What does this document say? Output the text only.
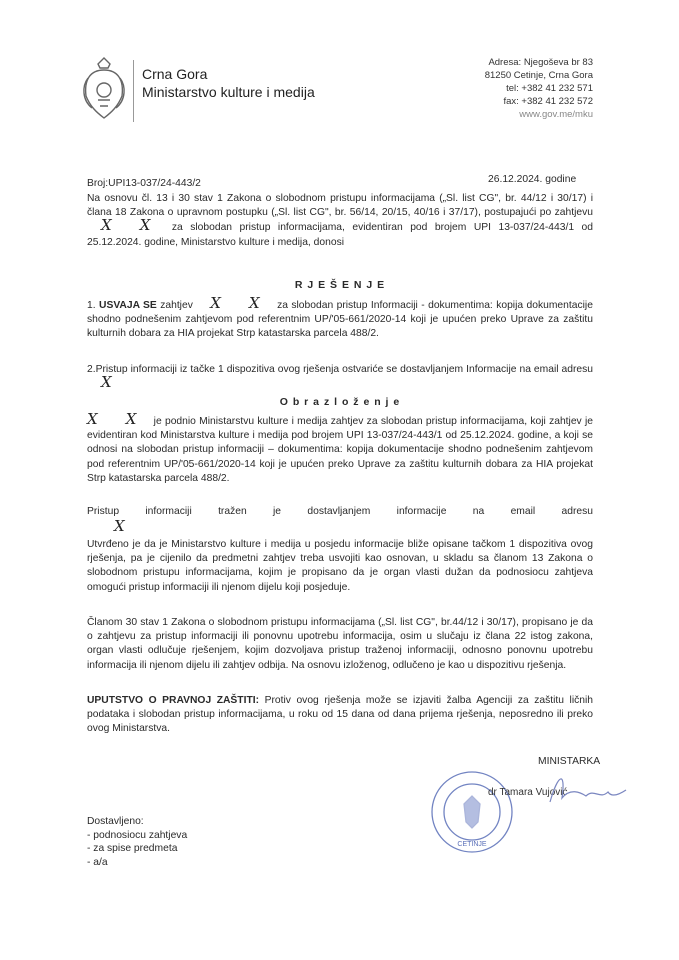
Crna Gora
Ministarstvo kulture i medija
Adresa: Njegoševa br 83
81250 Cetinje, Crna Gora
tel: +382 41 232 571
fax: +382 41 232 572
www.gov.me/mku
Broj:UPI13-037/24-443/2	26.12.2024. godine
Na osnovu čl. 13 i 30 stav 1 Zakona o slobodnom pristupu informacijama („Sl. list CG", br. 44/12 i 30/17) i člana 18 Zakona o upravnom postupku („Sl. list CG", br. 56/14, 20/15, 40/16 i 37/17), postupajući po zahtjevu X X za slobodan pristup informacijama, evidentiran pod brojem UPI 13-037/24-443/1 od 25.12.2024. godine, Ministarstvo kulture i medija, donosi
R J E Š E N J E
1. USVAJA SE zahtjev X X za slobodan pristup Informaciji - dokumentima: kopija dokumentacije shodno podnešenim zahtjevom pod referentnim UP/'05-661/2020-14 koji je upućen preko Uprave za zaštitu kulturnih dobara za HIA projekat Strp katastarska parcela 488/2.
2.Pristup informaciji iz tačke 1 dispozitiva ovog rješenja ostvariće se dostavljanjem Informacije na email adresu X
O b r a z l o ž e n j e
X X je podnio Ministarstvu kulture i medija zahtjev za slobodan pristup informacijama, koji zahtjev je evidentiran kod Ministarstva kulture i medija pod brojem UPI 13-037/24-443/1 od 25.12.2024. godine, a koji se odnosi na slobodan pristup informaciji – dokumentima: kopija dokumentacije shodno podnešenim zahtjevom pod referentnim UP/'05-661/2020-14 koji je upućen preko Uprave za zaštitu kulturnih dobara za HIA projekat Strp katastarska parcela 488/2.
Pristup informaciji tražen je dostavljanjem informacije na email adresu
X
Utvrđeno je da je Ministarstvo kulture i medija u posjedu informacije bliže opisane tačkom 1 dispozitiva ovog rješenja, pa je cijenilo da predmetni zahtjev treba usvojiti kao osnovan, u skladu sa članom 13 Zakona o slobodnom pristupu informacijama, kojim je propisano da je organ vlasti dužan da podnosiocu zahtjeva omogući pristup informaciji ili njenom dijelu koji posjeduje.
Članom 30 stav 1 Zakona o slobodnom pristupu informacijama („Sl. list CG", br.44/12 i 30/17), propisano je da o zahtjevu za pristup informaciji ili ponovnu upotrebu informacija, osim u slučaju iz člana 22 istog zakona, organ vlasti odlučuje rješenjem, kojim dozvoljava pristup traženoj informaciji, odnosno ponovnu upotrebu informacija ili njenom dijelu ili zahtjev odbija. Na osnovu izloženog, odlučeno je kao u dispozitivu rješenja.
UPUTSTVO O PRAVNOJ ZAŠTITI: Protiv ovog rješenja može se izjaviti žalba Agenciji za zaštitu ličnih podataka i slobodan pristup informacijama, u roku od 15 dana od dana prijema rješenja, neposredno ili preko ovog Ministarstva.
MINISTARKA
CETINJE
dr Tamara Vujović
Dostavljeno:
- podnosiocu zahtjeva
- za spise predmeta
- a/a
